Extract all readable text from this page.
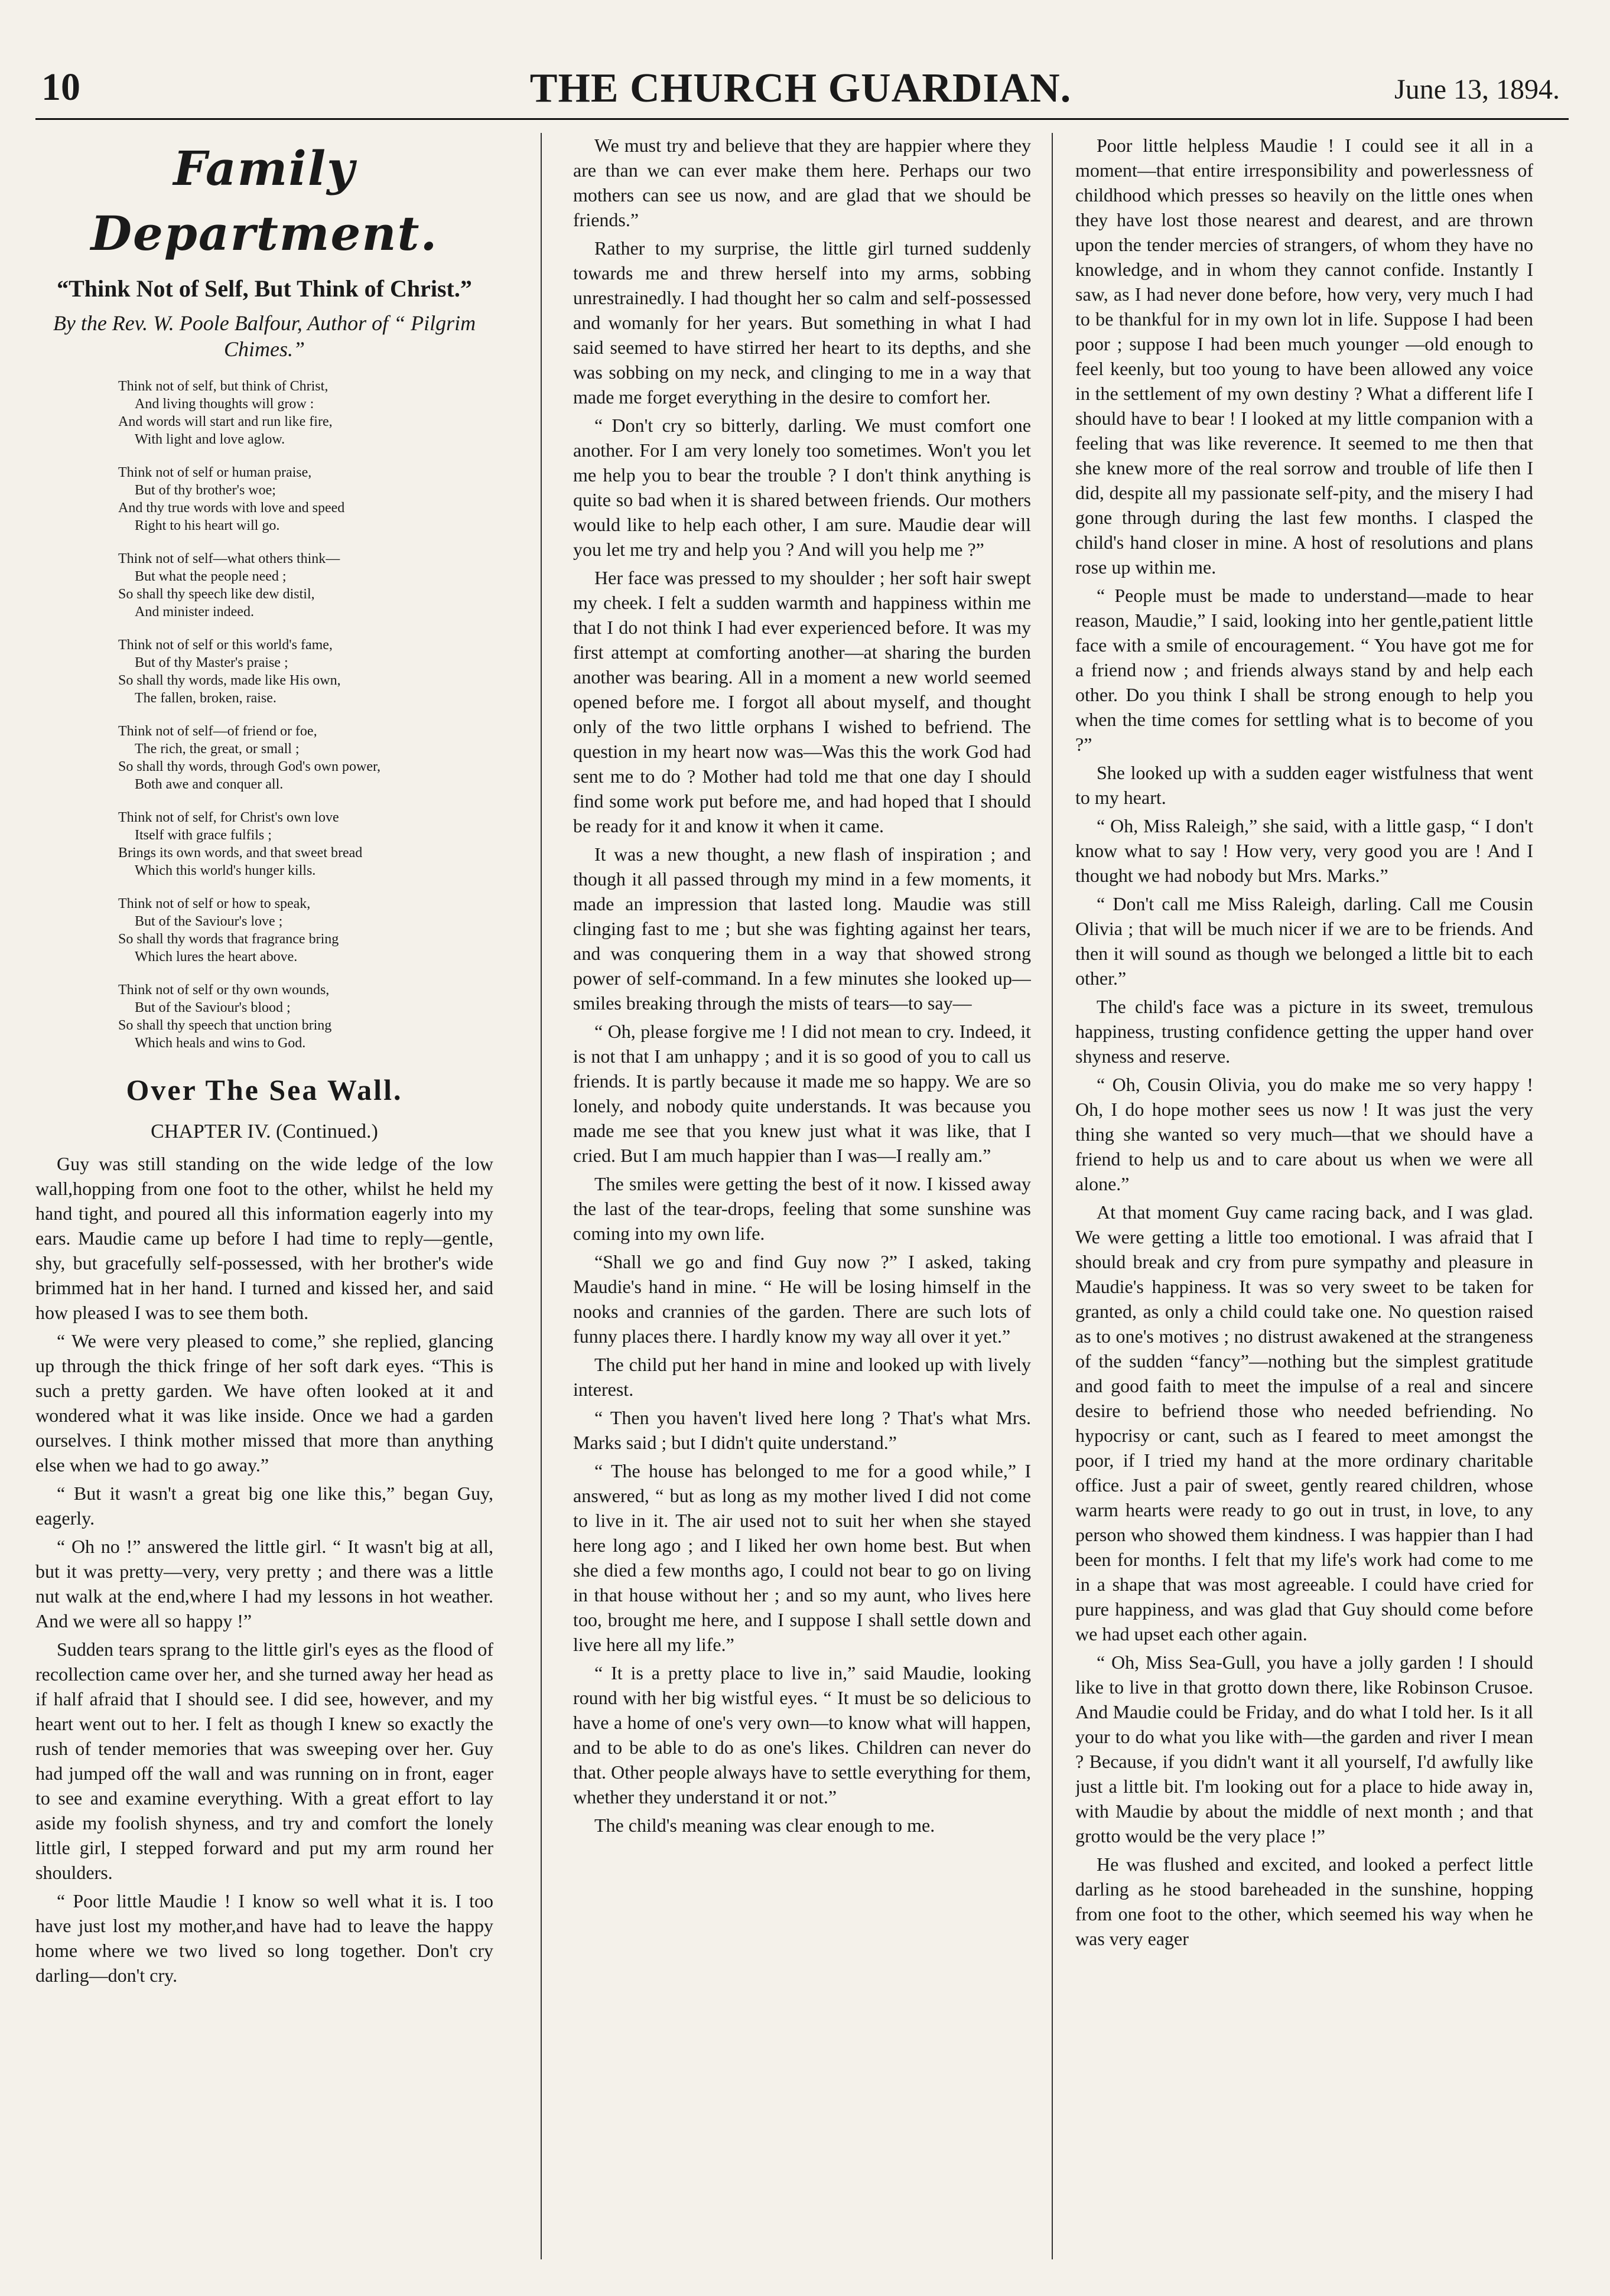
10	THE CHURCH GUARDIAN.	June 13, 1894.
Family Department.
“Think Not of Self, But Think of Christ.”
By the Rev. W. Poole Balfour, Author of “ Pilgrim Chimes.”
Think not of self, but think of Christ,
And living thoughts will grow :
And words will start and run like fire,
With light and love aglow.
Think not of self or human praise,
But of thy brother's woe;
And thy true words with love and speed
Right to his heart will go.
Think not of self—what others think—
But what the people need ;
So shall thy speech like dew distil,
And minister indeed.
Think not of self or this world's fame,
But of thy Master's praise ;
So shall thy words, made like His own,
The fallen, broken, raise.
Think not of self—of friend or foe,
The rich, the great, or small ;
So shall thy words, through God's own power,
Both awe and conquer all.
Think not of self, for Christ's own love
Itself with grace fulfils ;
Brings its own words, and that sweet bread
Which this world's hunger kills.
Think not of self or how to speak,
But of the Saviour's love ;
So shall thy words that fragrance bring
Which lures the heart above.
Think not of self or thy own wounds,
But of the Saviour's blood ;
So shall thy speech that unction bring
Which heals and wins to God.
Over The Sea Wall.
CHAPTER IV. (Continued.)

Guy was still standing on the wide ledge of the low wall,hopping from one foot to the other, whilst he held my hand tight, and poured all this information eagerly into my ears. Maudie came up before I had time to reply—gentle, shy, but gracefully self-possessed, with her brother's wide brimmed hat in her hand. I turned and kissed her, and said how pleased I was to see them both.

“ We were very pleased to come,” she replied, glancing up through the thick fringe of her soft dark eyes. “This is such a pretty garden. We have often looked at it and wondered what it was like inside. Once we had a garden ourselves. I think mother missed that more than anything else when we had to go away.”

“ But it wasn't a great big one like this,” began Guy, eagerly.

“ Oh no !” answered the little girl. “ It wasn't big at all, but it was pretty—very, very pretty ; and there was a little nut walk at the end,where I had my lessons in hot weather. And we were all so happy !”

Sudden tears sprang to the little girl's eyes as the flood of recollection came over her, and she turned away her head as if half afraid that I should see. I did see, however, and my heart went out to her. I felt as though I knew so exactly the rush of tender memories that was sweeping over her. Guy had jumped off the wall and was running on in front, eager to see and examine everything. With a great effort to lay aside my foolish shyness, and try and comfort the lonely little girl, I stepped forward and put my arm round her shoulders.

“ Poor little Maudie ! I know so well what it is. I too have just lost my mother,and have had to leave the happy home where we two lived so long together. Don't cry darling—don't cry.

We must try and believe that they are happier where they are than we can ever make them here. Perhaps our two mothers can see us now, and are glad that we should be friends.”

Rather to my surprise, the little girl turned suddenly towards me and threw herself into my arms, sobbing unrestrainedly. I had thought her so calm and self-possessed and womanly for her years. But something in what I had said seemed to have stirred her heart to its depths, and she was sobbing on my neck, and clinging to me in a way that made me forget everything in the desire to comfort her.

“ Don't cry so bitterly, darling. We must comfort one another. For I am very lonely too sometimes. Won't you let me help you to bear the trouble ? I don't think anything is quite so bad when it is shared between friends. Our mothers would like to help each other, I am sure. Maudie dear will you let me try and help you ? And will you help me ?”

Her face was pressed to my shoulder ; her soft hair swept my cheek. I felt a sudden warmth and happiness within me that I do not think I had ever experienced before. It was my first attempt at comforting another—at sharing the burden another was bearing. All in a moment a new world seemed opened before me. I forgot all about myself, and thought only of the two little orphans I wished to befriend. The question in my heart now was—Was this the work God had sent me to do ? Mother had told me that one day I should find some work put before me, and had hoped that I should be ready for it and know it when it came.

It was a new thought, a new flash of inspiration ; and though it all passed through my mind in a few moments, it made an impression that lasted long. Maudie was still clinging fast to me ; but she was fighting against her tears, and was conquering them in a way that showed strong power of self-command. In a few minutes she looked up—smiles breaking through the mists of tears—to say—

“ Oh, please forgive me ! I did not mean to cry. Indeed, it is not that I am unhappy ; and it is so good of you to call us friends. It is partly because it made me so happy. We are so lonely, and nobody quite understands. It was because you made me see that you knew just what it was like, that I cried. But I am much happier than I was—I really am.”

The smiles were getting the best of it now. I kissed away the last of the tear-drops, feeling that some sunshine was coming into my own life.

“Shall we go and find Guy now ?” I asked, taking Maudie's hand in mine. “ He will be losing himself in the nooks and crannies of the garden. There are such lots of funny places there. I hardly know my way all over it yet.”

The child put her hand in mine and looked up with lively interest.

“ Then you haven't lived here long ? That's what Mrs. Marks said ; but I didn't quite understand.”

“ The house has belonged to me for a good while,” I answered, “ but as long as my mother lived I did not come to live in it. The air used not to suit her when she stayed here long ago ; and I liked her own home best. But when she died a few months ago, I could not bear to go on living in that house without her ; and so my aunt, who lives here too, brought me here, and I suppose I shall settle down and live here all my life.”

“ It is a pretty place to live in,” said Maudie, looking round with her big wistful eyes. “ It must be so delicious to have a home of one's very own—to know what will happen, and to be able to do as one's likes. Children can never do that. Other people always have to settle everything for them, whether they understand it or not.”

The child's meaning was clear enough to me.

Poor little helpless Maudie ! I could see it all in a moment—that entire irresponsibility and powerlessness of childhood which presses so heavily on the little ones when they have lost those nearest and dearest, and are thrown upon the tender mercies of strangers, of whom they have no knowledge, and in whom they cannot confide. Instantly I saw, as I had never done before, how very, very much I had to be thankful for in my own lot in life. Suppose I had been poor ; suppose I had been much younger —old enough to feel keenly, but too young to have been allowed any voice in the settlement of my own destiny ? What a different life I should have to bear ! I looked at my little companion with a feeling that was like reverence. It seemed to me then that she knew more of the real sorrow and trouble of life then I did, despite all my passionate self-pity, and the misery I had gone through during the last few months. I clasped the child's hand closer in mine. A host of resolutions and plans rose up within me.

“ People must be made to understand—made to hear reason, Maudie,” I said, looking into her gentle,patient little face with a smile of encouragement. “ You have got me for a friend now ; and friends always stand by and help each other. Do you think I shall be strong enough to help you when the time comes for settling what is to become of you ?”

She looked up with a sudden eager wistfulness that went to my heart.

“ Oh, Miss Raleigh,” she said, with a little gasp, “ I don't know what to say ! How very, very good you are ! And I thought we had nobody but Mrs. Marks.”

“ Don't call me Miss Raleigh, darling. Call me Cousin Olivia ; that will be much nicer if we are to be friends. And then it will sound as though we belonged a little bit to each other.”

The child's face was a picture in its sweet, tremulous happiness, trusting confidence getting the upper hand over shyness and reserve.

“ Oh, Cousin Olivia, you do make me so very happy ! Oh, I do hope mother sees us now ! It was just the very thing she wanted so very much—that we should have a friend to help us and to care about us when we were all alone.”

At that moment Guy came racing back, and I was glad. We were getting a little too emotional. I was afraid that I should break and cry from pure sympathy and pleasure in Maudie's happiness. It was so very sweet to be taken for granted, as only a child could take one. No question raised as to one's motives ; no distrust awakened at the strangeness of the sudden “fancy”—nothing but the simplest gratitude and good faith to meet the impulse of a real and sincere desire to befriend those who needed befriending. No hypocrisy or cant, such as I feared to meet amongst the poor, if I tried my hand at the more ordinary charitable office. Just a pair of sweet, gently reared children, whose warm hearts were ready to go out in trust, in love, to any person who showed them kindness. I was happier than I had been for months. I felt that my life's work had come to me in a shape that was most agreeable. I could have cried for pure happiness, and was glad that Guy should come before we had upset each other again.

“ Oh, Miss Sea-Gull, you have a jolly garden ! I should like to live in that grotto down there, like Robinson Crusoe. And Maudie could be Friday, and do what I told her. Is it all your to do what you like with—the garden and river I mean ? Because, if you didn't want it all yourself, I'd awfully like just a little bit. I'm looking out for a place to hide away in, with Maudie by about the middle of next month ; and that grotto would be the very place !”

He was flushed and excited, and looked a perfect little darling as he stood bareheaded in the sunshine, hopping from one foot to the other, which seemed his way when he was very eager
